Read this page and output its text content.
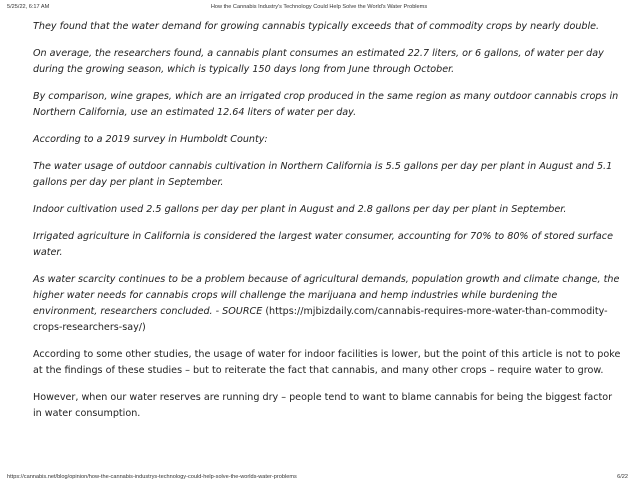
5/25/22, 6:17 AM	How the Cannabis Industry's Technology Could Help Solve the World's Water Problems

They found that the water demand for growing cannabis typically exceeds that of commodity crops by nearly double.

On average, the researchers found, a cannabis plant consumes an estimated 22.7 liters, or 6 gallons, of water per day during the growing season, which is typically 150 days long from June through October.

By comparison, wine grapes, which are an irrigated crop produced in the same region as many outdoor cannabis crops in Northern California, use an estimated 12.64 liters of water per day.

According to a 2019 survey in Humboldt County:

The water usage of outdoor cannabis cultivation in Northern California is 5.5 gallons per day per plant in August and 5.1 gallons per day per plant in September.

Indoor cultivation used 2.5 gallons per day per plant in August and 2.8 gallons per day per plant in September.

Irrigated agriculture in California is considered the largest water consumer, accounting for 70% to 80% of stored surface water.

As water scarcity continues to be a problem because of agricultural demands, population growth and climate change, the higher water needs for cannabis crops will challenge the marijuana and hemp industries while burdening the environment, researchers concluded. - SOURCE (https://mjbizdaily.com/cannabis-requires-more-water-than-commodity-crops-researchers-say/)

According to some other studies, the usage of water for indoor facilities is lower, but the point of this article is not to poke at the findings of these studies – but to reiterate the fact that cannabis, and many other crops – require water to grow.

However, when our water reserves are running dry – people tend to want to blame cannabis for being the biggest factor in water consumption.

https://cannabis.net/blog/opinion/how-the-cannabis-industrys-technology-could-help-solve-the-worlds-water-problems	6/22
